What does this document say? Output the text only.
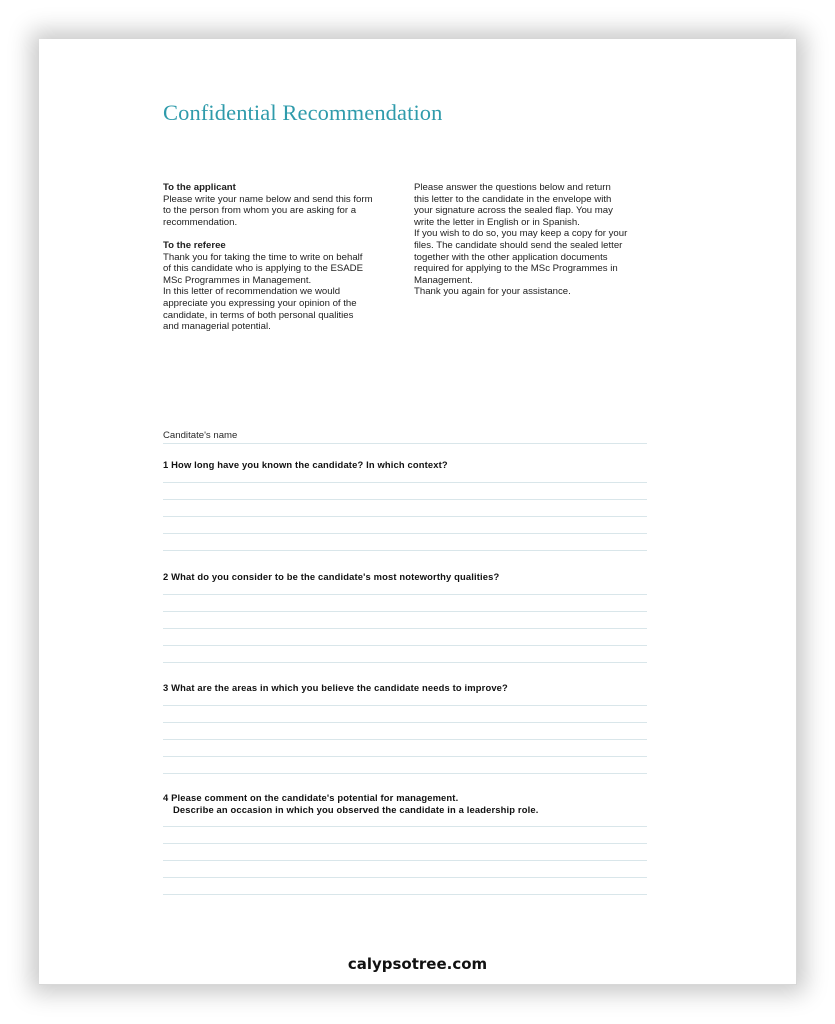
Confidential Recommendation

To the applicant

Please write your name below and send this form

to the person from whom you are asking for a

recommendation.

To the referee

Thank you for taking the time to write on behalf

of this candidate who is applying to the ESADE

MSc Programmes in Management.

In this letter of recommendation we would

appreciate you expressing your opinion of the

candidate, in terms of both personal qualities

and managerial potential.

Please answer the questions below and return

this letter to the candidate in the envelope with

your signature across the sealed flap. You may

write the letter in English or in Spanish.

If you wish to do so, you may keep a copy for your

files. The candidate should send the sealed letter

together with the other application documents

required for applying to the MSc Programmes in

Management.

Thank you again for your assistance.

Canditate's name
1 How long have you known the candidate? In which context?
2 What do you consider to be the candidate's most noteworthy qualities?
3 What are the areas in which you believe the candidate needs to improve?
4 Please comment on the candidate's potential for management.
Describe an occasion in which you observed the candidate in a leadership role.
calypsotree.com
